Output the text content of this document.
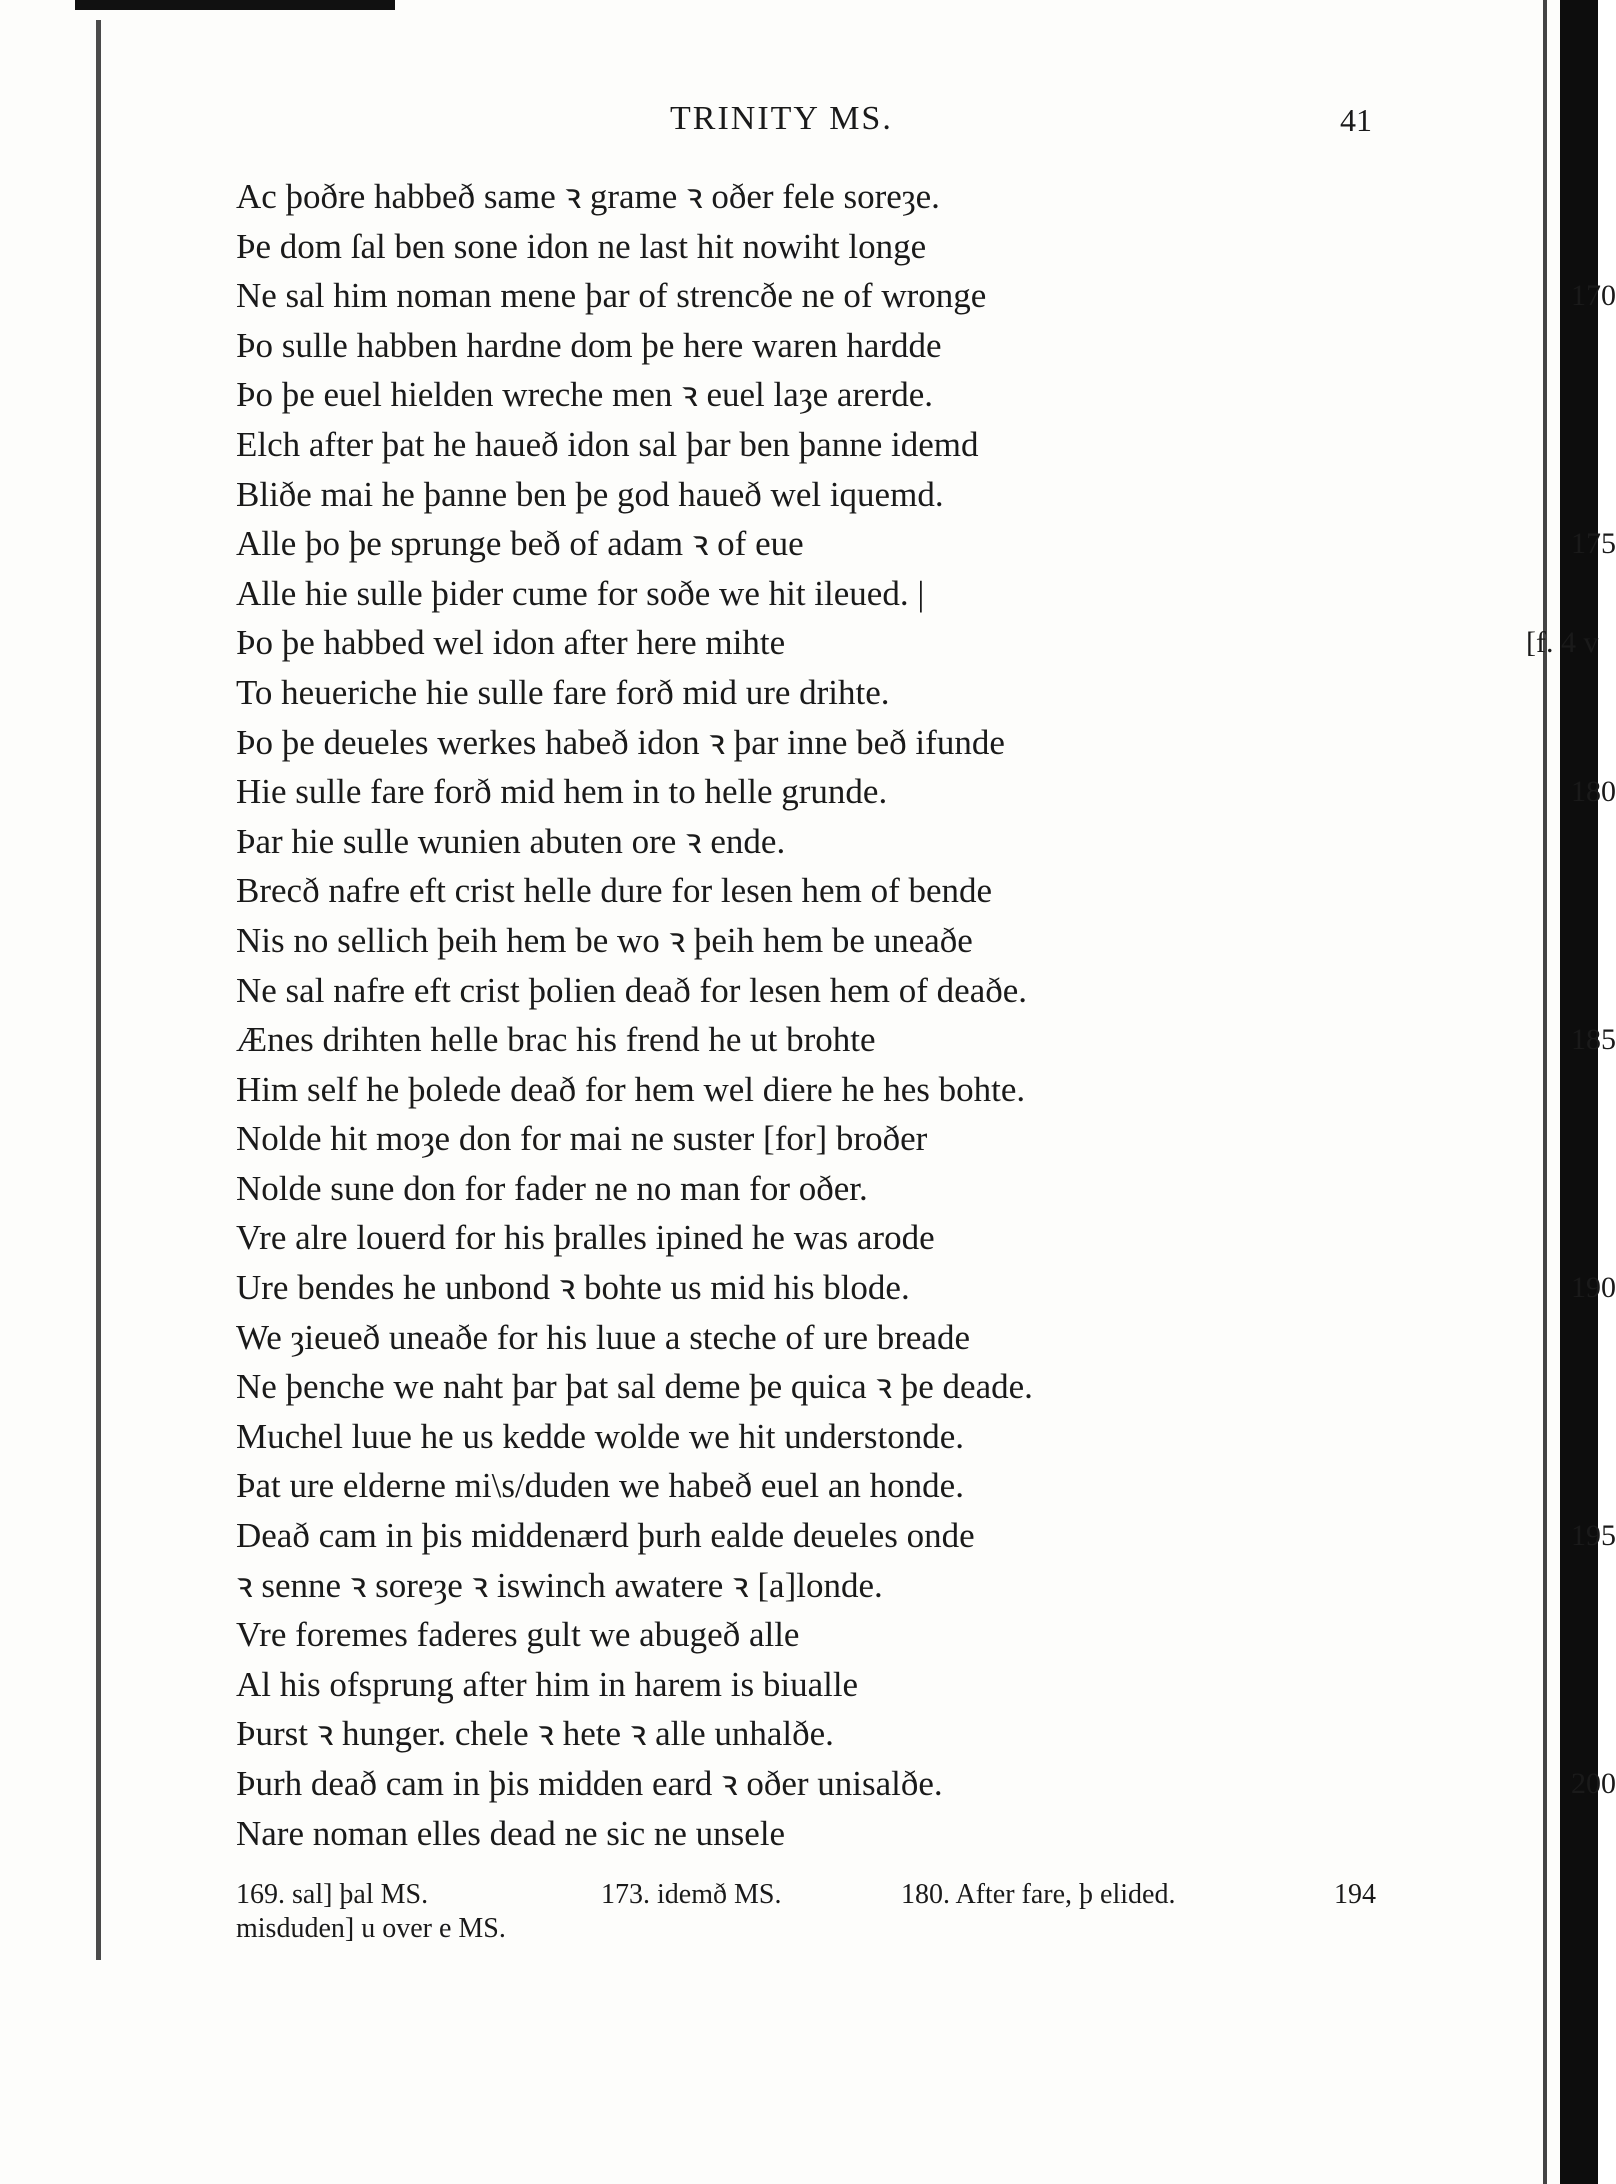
TRINITY MS.	41
Ac þoðre habbeð same ꝛ grame ꝛ oðer fele soreȝe.
Þe dom ſal ben sone idon ne last hit nowiht longe
Ne sal him noman mene þar of strencðe ne of wronge	170
Þo sulle habben hardne dom þe here waren hardde
Þo þe euel hielden wreche men ꝛ euel laȝe arerde.
Elch after þat he haueð idon sal þar ben þanne idemd
Bliðe mai he þanne ben þe god haueð wel iquemd.
Alle þo þe sprunge beð of adam ꝛ of eue	175
Alle hie sulle þider cume for soðe we hit ileued. |
Þo þe habbed wel idon after here mihte	[f. 4 v
To heueriche hie sulle fare forð mid ure drihte.
Þo þe deueles werkes habeð idon ꝛ þar inne beð ifunde
Hie sulle fare forð mid hem in to helle grunde.	180
Þar hie sulle wunien abuten ore ꝛ ende.
Brecð nafre eft crist helle dure for lesen hem of bende
Nis no sellich þeih hem be wo ꝛ þeih hem be uneaðe
Ne sal nafre eft crist þolien deað for lesen hem of deaðe.
Ænes drihten helle brac his frend he ut brohte	185
Him self he þolede deað for hem wel diere he hes bohte.
Nolde hit moȝe don for mai ne suster [for] broðer
Nolde sune don for fader ne no man for oðer.
Vre alre louerd for his þralles ipined he was arode
Ure bendes he unbond ꝛ bohte us mid his blode.	190
We ȝieueð uneaðe for his luue a steche of ure breade
Ne þenche we naht þar þat sal deme þe quica ꝛ þe deade.
Muchel luue he us kedde wolde we hit understonde.
Þat ure elderne mi\s/duden we habeð euel an honde.
Deað cam in þis middenærd þurh ealde deueles onde	195
ꝛ senne ꝛ soreȝe ꝛ iswinch awatere ꝛ [a]londe.
Vre foremes faderes gult we abugeð alle
Al his ofsprung after him in harem is biualle
Þurst ꝛ hunger. chele ꝛ hete ꝛ alle unhalðe.
Þurh deað cam in þis midden eard ꝛ oðer unisalðe.	200
Nare noman elles dead ne sic ne unsele
169. sal] þal MS.	173. idemð MS.	180. After fare, þ elided.	194
misduden] u over e MS.
